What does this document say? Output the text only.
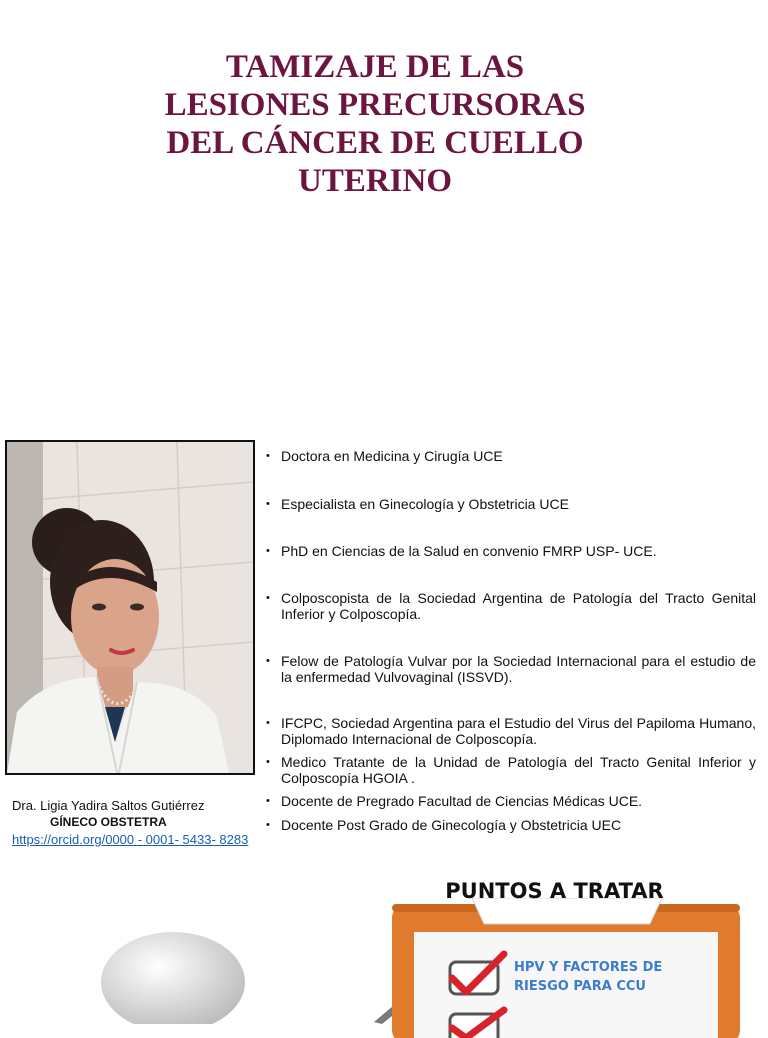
TAMIZAJE DE LAS
LESIONES PRECURSORAS
DEL CÁNCER DE CUELLO
UTERINO
Dra. Ligia Yadira Saltos Gutiérrez
GÍNECO OBSTETRA
https://orcid.org/0000 - 0001- 5433- 8283
• Doctora en Medicina y Cirugía UCE
• Especialista en Ginecología y Obstetricia UCE
• PhD en Ciencias de la Salud en convenio FMRP USP- UCE.
• Colposcopista de la Sociedad Argentina de Patología del Tracto Genital Inferior y Colposcopía.
• Felow de Patología Vulvar por la Sociedad Internacional para el estudio de la enfermedad Vulvovaginal (ISSVD).
• IFCPC, Sociedad Argentina para el Estudio del Virus del Papiloma Humano, Diplomado Internacional de Colposcopía.
• Medico Tratante de la Unidad de Patología del Tracto Genital Inferior y Colposcopía HGOIA .
• Docente de Pregrado Facultad de Ciencias Médicas UCE.
• Docente Post Grado de Ginecología y Obstetricia UEC
PUNTOS A TRATAR
HPV Y FACTORES DE
RIESGO PARA CCU
